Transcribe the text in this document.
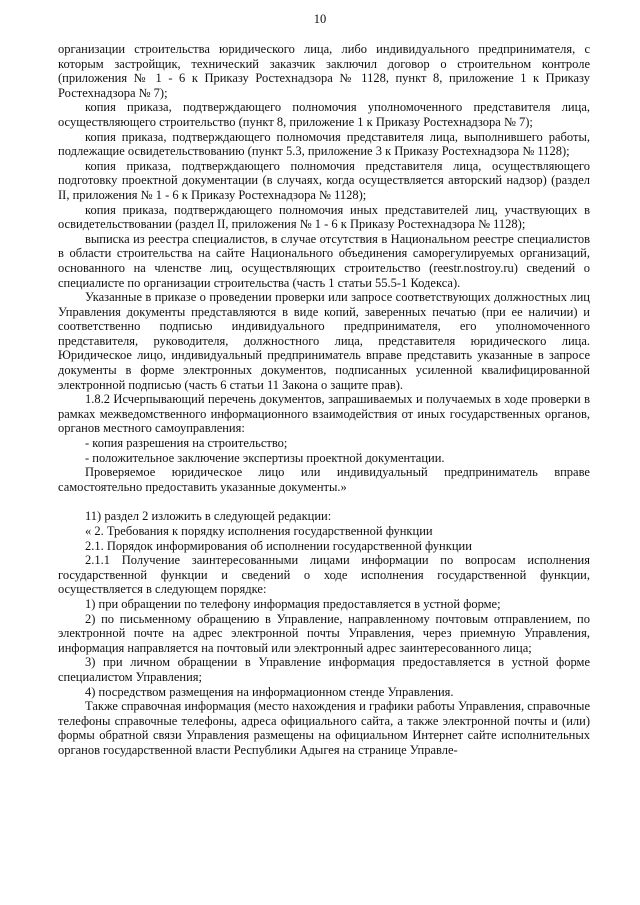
10

организации строительства юридического лица, либо индивидуального предпринимателя, с которым застройщик, технический заказчик заключил договор о строительном контроле (приложения № 1 - 6 к Приказу Ростехнадзора № 1128, пункт 8, приложение 1 к Приказу Ростехнадзора № 7);

копия приказа, подтверждающего полномочия уполномоченного представителя лица, осуществляющего строительство (пункт 8, приложение 1 к Приказу Ростехнадзора № 7);

копия приказа, подтверждающего полномочия представителя лица, выполнившего работы, подлежащие освидетельствованию (пункт 5.3, приложение 3 к Приказу Ростехнадзора № 1128);

копия приказа, подтверждающего полномочия представителя лица, осуществляющего подготовку проектной документации (в случаях, когда осуществляется авторский надзор) (раздел II, приложения № 1 - 6 к Приказу Ростехнадзора № 1128);

копия приказа, подтверждающего полномочия иных представителей лиц, участвующих в освидетельствовании (раздел II, приложения № 1 - 6 к Приказу Ростехнадзора № 1128);

выписка из реестра специалистов, в случае отсутствия в Национальном реестре специалистов в области строительства на сайте Национального объединения саморегулируемых организаций, основанного на членстве лиц, осуществляющих строительство (reestr.nostroy.ru) сведений о специалисте по организации строительства (часть 1 статьи 55.5-1 Кодекса).

Указанные в приказе о проведении проверки или запросе соответствующих должностных лиц Управления документы представляются в виде копий, заверенных печатью (при ее наличии) и соответственно подписью индивидуального предпринимателя, его уполномоченного представителя, руководителя, должностного лица, представителя юридического лица. Юридическое лицо, индивидуальный предприниматель вправе представить указанные в запросе документы в форме электронных документов, подписанных усиленной квалифицированной электронной подписью (часть 6 статьи 11 Закона о защите прав).

1.8.2 Исчерпывающий перечень документов, запрашиваемых и получаемых в ходе проверки в рамках межведомственного информационного взаимодействия от иных государственных органов, органов местного самоуправления:

- копия разрешения на строительство;

- положительное заключение экспертизы проектной документации.

Проверяемое юридическое лицо или индивидуальный предприниматель вправе самостоятельно предоставить указанные документы.»

11) раздел 2 изложить в следующей редакции:

« 2. Требования к порядку исполнения государственной функции

2.1. Порядок информирования об исполнении государственной функции

2.1.1 Получение заинтересованными лицами информации по вопросам исполнения государственной функции и сведений о ходе исполнения государственной функции, осуществляется в следующем порядке:

1) при обращении по телефону информация предоставляется в устной форме;

2) по письменному обращению в Управление, направленному почтовым отправлением, по электронной почте на адрес электронной почты Управления, через приемную Управления, информация направляется на почтовый или электронный адрес заинтересованного лица;

3) при личном обращении в Управление информация предоставляется в устной форме специалистом Управления;

4) посредством размещения на информационном стенде Управления.

Также справочная информация (место нахождения и графики работы Управления, справочные телефоны справочные телефоны, адреса официального сайта, а также электронной почты и (или) формы обратной связи Управления размещены на официальном Интернет сайте исполнительных органов государственной власти Республики Адыгея на странице Управле-
